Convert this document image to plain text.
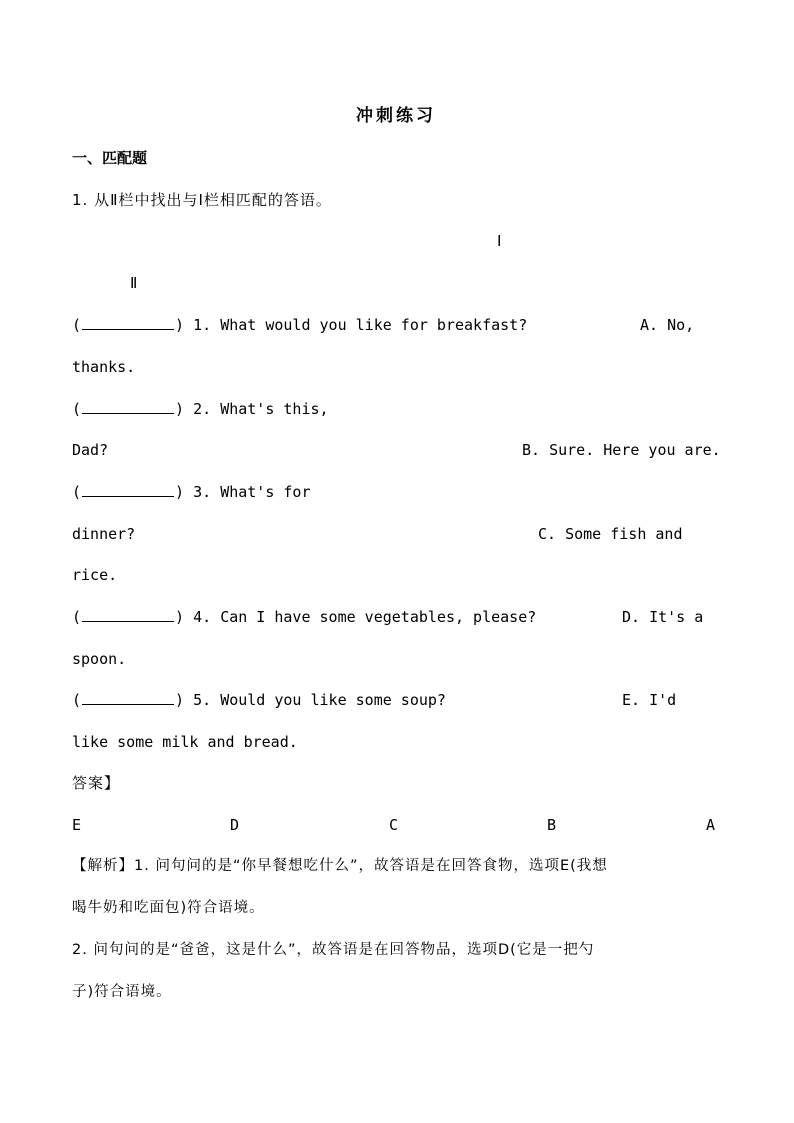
冲刺练习
一、匹配题
1. 从Ⅱ栏中找出与Ⅰ栏相匹配的答语。
Ⅰ
Ⅱ
(	) 1. What would you like for breakfast?	A. No,
thanks.
(	) 2. What's this,
Dad?	B. Sure. Here you are.
(	) 3. What's for
dinner?	C. Some fish and
rice.
(	) 4. Can I have some vegetables, please?	D. It's a
spoon.
(	) 5. Would you like some soup?	E. I'd
like some milk and bread.
答案】
E	D	C	B	A
【解析】1. 问句问的是“你早餐想吃什么”，故答语是在回答食物，选项E(我想
喝牛奶和吃面包)符合语境。
2. 问句问的是“爸爸，这是什么”，故答语是在回答物品，选项D(它是一把勺
子)符合语境。
